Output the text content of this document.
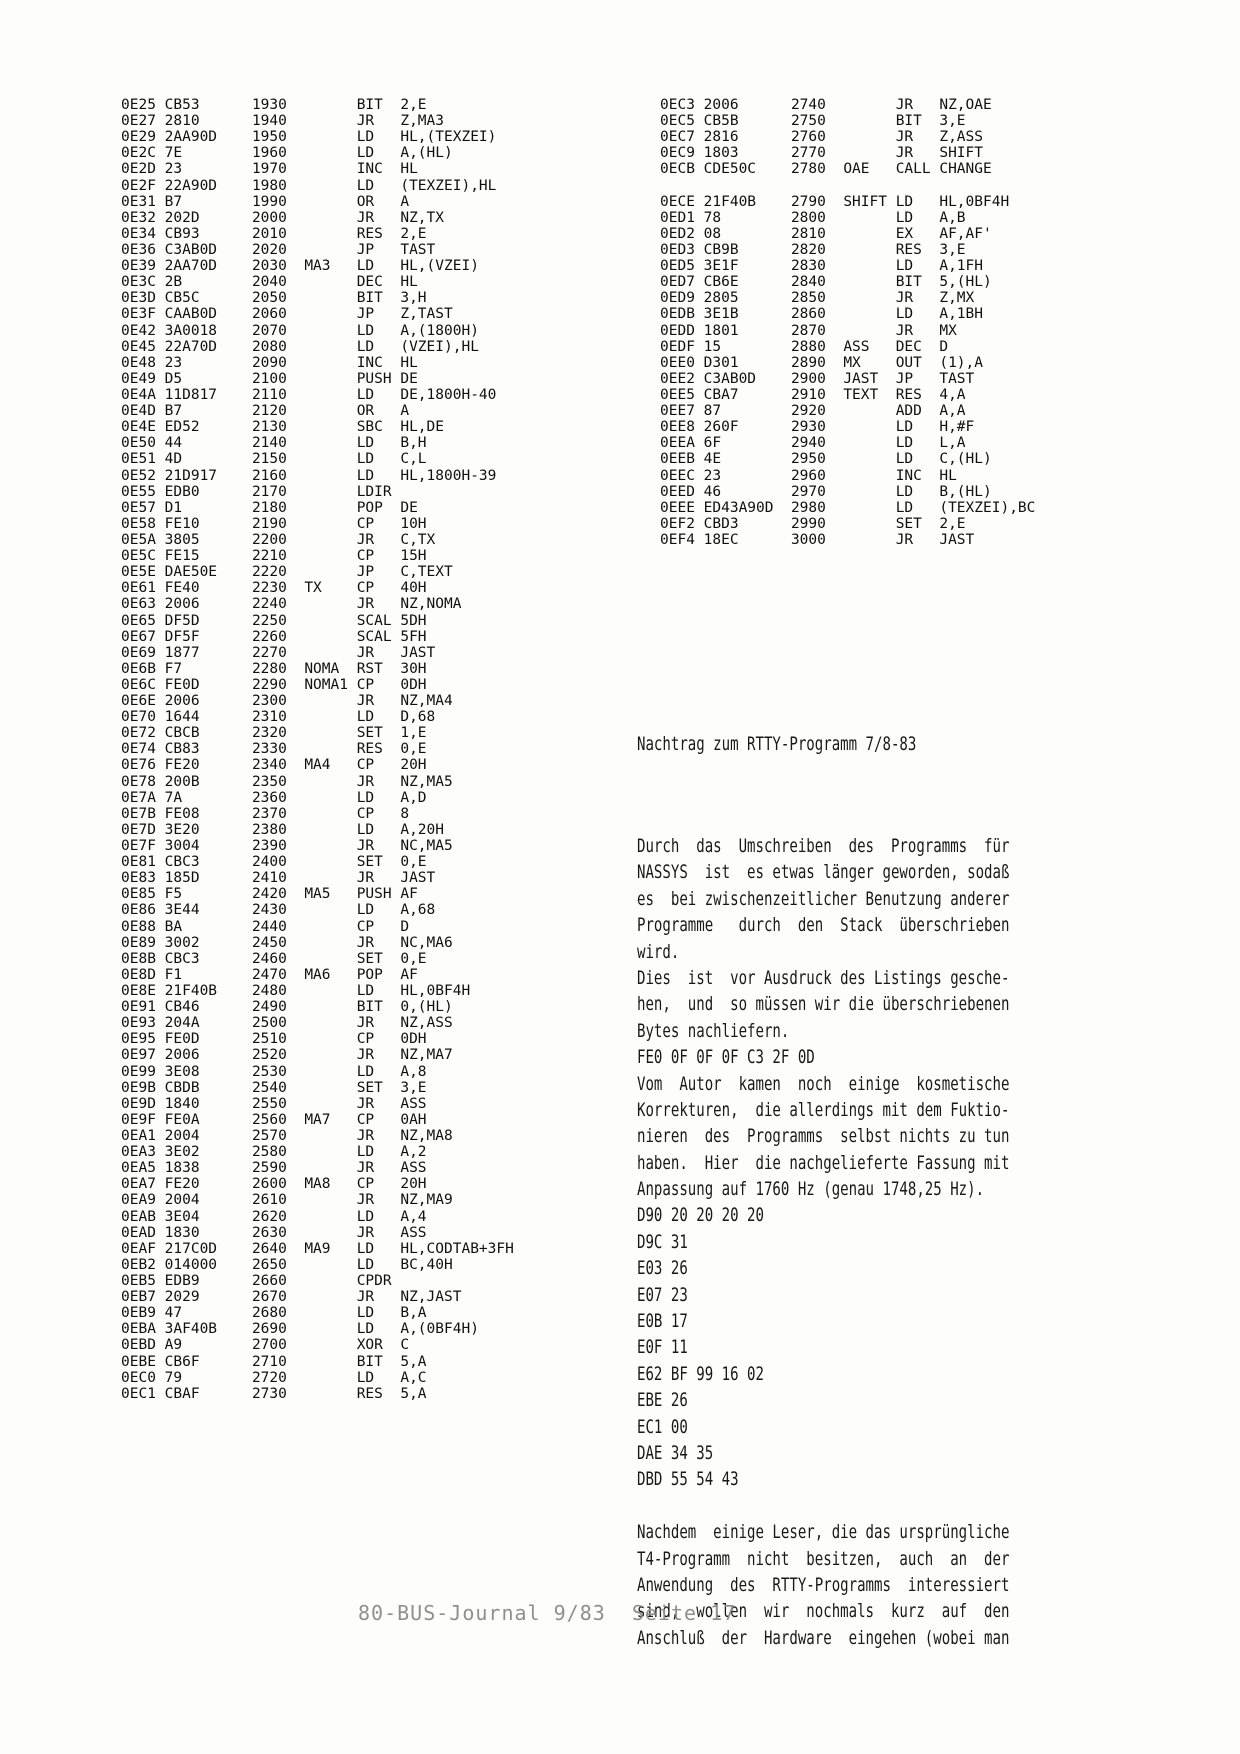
0E25 CB53      1930        BIT  2,E
0E27 2810      1940        JR   Z,MA3
0E29 2AA90D    1950        LD   HL,(TEXZEI)
0E2C 7E        1960        LD   A,(HL)
0E2D 23        1970        INC  HL
0E2F 22A90D    1980        LD   (TEXZEI),HL
0E31 B7        1990        OR   A
0E32 202D      2000        JR   NZ,TX
0E34 CB93      2010        RES  2,E
0E36 C3AB0D    2020        JP   TAST
0E39 2AA70D    2030  MA3   LD   HL,(VZEI)
0E3C 2B        2040        DEC  HL
0E3D CB5C      2050        BIT  3,H
0E3F CAAB0D    2060        JP   Z,TAST
0E42 3A0018    2070        LD   A,(1800H)
0E45 22A70D    2080        LD   (VZEI),HL
0E48 23        2090        INC  HL
0E49 D5        2100        PUSH DE
0E4A 11D817    2110        LD   DE,1800H-40
0E4D B7        2120        OR   A
0E4E ED52      2130        SBC  HL,DE
0E50 44        2140        LD   B,H
0E51 4D        2150        LD   C,L
0E52 21D917    2160        LD   HL,1800H-39
0E55 EDB0      2170        LDIR
0E57 D1        2180        POP  DE
0E58 FE10      2190        CP   10H
0E5A 3805      2200        JR   C,TX
0E5C FE15      2210        CP   15H
0E5E DAE50E    2220        JP   C,TEXT
0E61 FE40      2230  TX    CP   40H
0E63 2006      2240        JR   NZ,NOMA
0E65 DF5D      2250        SCAL 5DH
0E67 DF5F      2260        SCAL 5FH
0E69 1877      2270        JR   JAST
0E6B F7        2280  NOMA  RST  30H
0E6C FE0D      2290  NOMA1 CP   0DH
0E6E 2006      2300        JR   NZ,MA4
0E70 1644      2310        LD   D,68
0E72 CBCB      2320        SET  1,E
0E74 CB83      2330        RES  0,E
0E76 FE20      2340  MA4   CP   20H
0E78 200B      2350        JR   NZ,MA5
0E7A 7A        2360        LD   A,D
0E7B FE08      2370        CP   8
0E7D 3E20      2380        LD   A,20H
0E7F 3004      2390        JR   NC,MA5
0E81 CBC3      2400        SET  0,E
0E83 185D      2410        JR   JAST
0E85 F5        2420  MA5   PUSH AF
0E86 3E44      2430        LD   A,68
0E88 BA        2440        CP   D
0E89 3002      2450        JR   NC,MA6
0E8B CBC3      2460        SET  0,E
0E8D F1        2470  MA6   POP  AF
0E8E 21F40B    2480        LD   HL,0BF4H
0E91 CB46      2490        BIT  0,(HL)
0E93 204A      2500        JR   NZ,ASS
0E95 FE0D      2510        CP   0DH
0E97 2006      2520        JR   NZ,MA7
0E99 3E08      2530        LD   A,8
0E9B CBDB      2540        SET  3,E
0E9D 1840      2550        JR   ASS
0E9F FE0A      2560  MA7   CP   0AH
0EA1 2004      2570        JR   NZ,MA8
0EA3 3E02      2580        LD   A,2
0EA5 1838      2590        JR   ASS
0EA7 FE20      2600  MA8   CP   20H
0EA9 2004      2610        JR   NZ,MA9
0EAB 3E04      2620        LD   A,4
0EAD 1830      2630        JR   ASS
0EAF 217C0D    2640  MA9   LD   HL,CODTAB+3FH
0EB2 014000    2650        LD   BC,40H
0EB5 EDB9      2660        CPDR
0EB7 2029      2670        JR   NZ,JAST
0EB9 47        2680        LD   B,A
0EBA 3AF40B    2690        LD   A,(0BF4H)
0EBD A9        2700        XOR  C
0EBE CB6F      2710        BIT  5,A
0EC0 79        2720        LD   A,C
0EC1 CBAF      2730        RES  5,A
0EC3 2006      2740        JR   NZ,OAE
0EC5 CB5B      2750        BIT  3,E
0EC7 2816      2760        JR   Z,ASS
0EC9 1803      2770        JR   SHIFT
0ECB CDE50C    2780  OAE   CALL CHANGE

0ECE 21F40B    2790  SHIFT LD   HL,0BF4H
0ED1 78        2800        LD   A,B
0ED2 08        2810        EX   AF,AF'
0ED3 CB9B      2820        RES  3,E
0ED5 3E1F      2830        LD   A,1FH
0ED7 CB6E      2840        BIT  5,(HL)
0ED9 2805      2850        JR   Z,MX
0EDB 3E1B      2860        LD   A,1BH
0EDD 1801      2870        JR   MX
0EDF 15        2880  ASS   DEC  D
0EE0 D301      2890  MX    OUT  (1),A
0EE2 C3AB0D    2900  JAST  JP   TAST
0EE5 CBA7      2910  TEXT  RES  4,A
0EE7 87        2920        ADD  A,A
0EE8 260F      2930        LD   H,#F
0EEA 6F        2940        LD   L,A
0EEB 4E        2950        LD   C,(HL)
0EEC 23        2960        INC  HL
0EED 46        2970        LD   B,(HL)
0EEE ED43A90D  2980        LD   (TEXZEI),BC
0EF2 CBD3      2990        SET  2,E
0EF4 18EC      3000        JR   JAST

Nachtrag zum RTTY-Programm 7/8-83

Durch  das  Umschreiben  des  Programms  für
NASSYS  ist  es etwas länger geworden, sodaß
es  bei zwischenzeitlicher Benutzung anderer
Programme   durch  den  Stack  überschrieben
wird.
Dies  ist  vor Ausdruck des Listings gesche-
hen,  und  so müssen wir die überschriebenen
Bytes nachliefern.
FE0 0F 0F 0F C3 2F 0D
Vom  Autor  kamen  noch  einige  kosmetische
Korrekturen,  die allerdings mit dem Fuktio-
nieren  des  Programms  selbst nichts zu tun
haben.  Hier  die nachgelieferte Fassung mit
Anpassung auf 1760 Hz (genau 1748,25 Hz).
D90 20 20 20 20
D9C 31
E03 26
E07 23
E0B 17
E0F 11
E62 BF 99 16 02
EBE 26
EC1 00
DAE 34 35
DBD 55 54 43

Nachdem  einige Leser, die das ursprüngliche
T4-Programm  nicht  besitzen,  auch  an  der
Anwendung  des  RTTY-Programms  interessiert
sind,  wollen  wir  nochmals  kurz  auf  den
Anschluß  der  Hardware  eingehen (wobei man

80-BUS-Journal 9/83  Seite 17
